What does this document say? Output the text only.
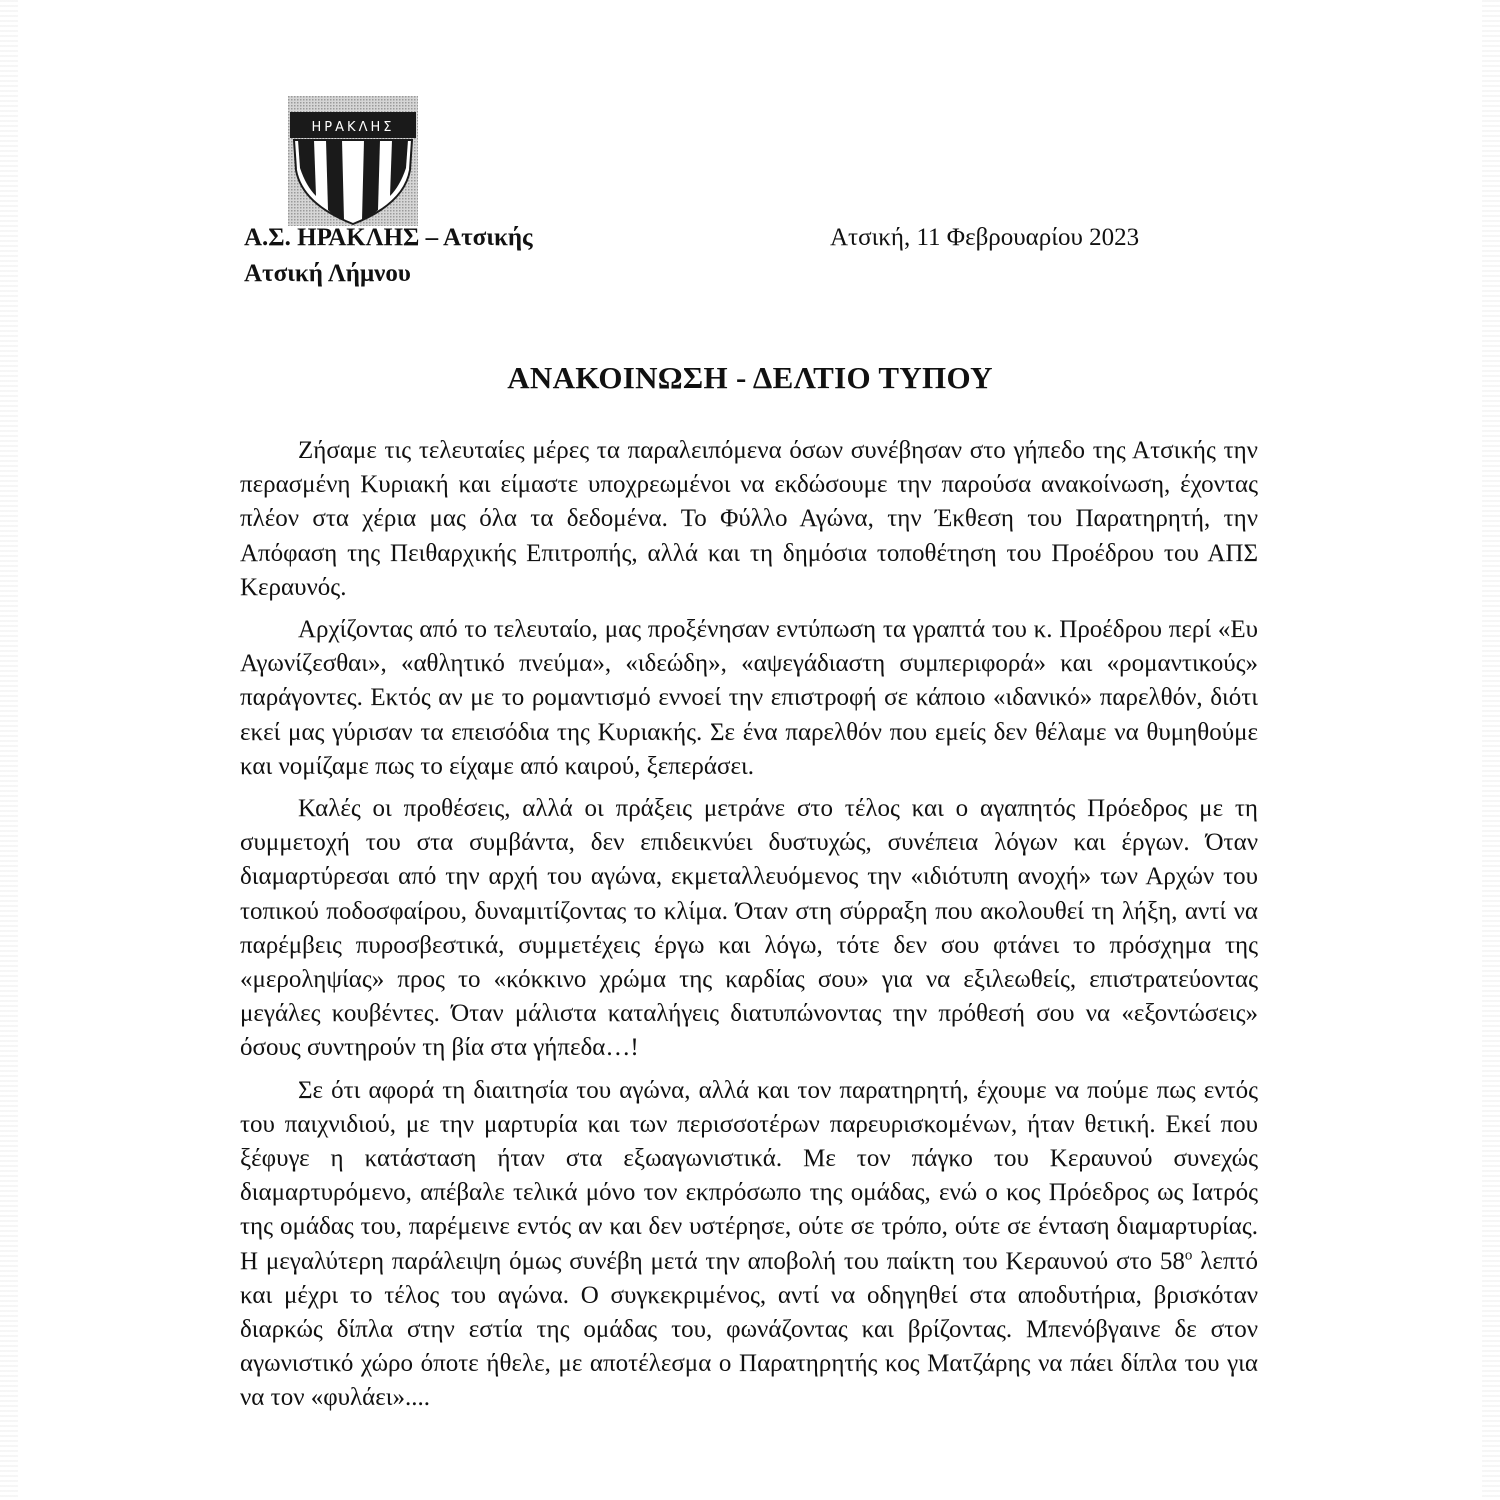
ΗΡΑΚΛΗΣ
Α.Σ. ΗΡΑΚΛΗΣ – Ατσικής
Ατσική Λήμνου
Ατσική, 11 Φεβρουαρίου 2023
ΑΝΑΚΟΙΝΩΣΗ - ΔΕΛΤΙΟ ΤΥΠΟΥ

Ζήσαμε τις τελευταίες μέρες τα παραλειπόμενα όσων συνέβησαν στο γήπεδο της Ατσικής την περασμένη Κυριακή και είμαστε υποχρεωμένοι να εκδώσουμε την παρούσα ανακοίνωση, έχοντας πλέον στα χέρια μας όλα τα δεδομένα. Το Φύλλο Αγώνα, την Έκθεση του Παρατηρητή, την Απόφαση της Πειθαρχικής Επιτροπής, αλλά και τη δημόσια τοποθέτηση του Προέδρου του ΑΠΣ Κεραυνός.

Αρχίζοντας από το τελευταίο, μας προξένησαν εντύπωση τα γραπτά του κ. Προέδρου περί «Ευ Αγωνίζεσθαι», «αθλητικό πνεύμα», «ιδεώδη», «αψεγάδιαστη συμπεριφορά» και «ρομαντικούς» παράγοντες. Εκτός αν με το ρομαντισμό εννοεί την επιστροφή σε κάποιο «ιδανικό» παρελθόν, διότι εκεί μας γύρισαν τα επεισόδια της Κυριακής. Σε ένα παρελθόν που εμείς δεν θέλαμε να θυμηθούμε και νομίζαμε πως το είχαμε από καιρού, ξεπεράσει.

Καλές οι προθέσεις, αλλά οι πράξεις μετράνε στο τέλος και ο αγαπητός Πρόεδρος με τη συμμετοχή του στα συμβάντα, δεν επιδεικνύει δυστυχώς, συνέπεια λόγων και έργων. Όταν διαμαρτύρεσαι από την αρχή του αγώνα, εκμεταλλευόμενος την «ιδιότυπη ανοχή» των Αρχών του τοπικού ποδοσφαίρου, δυναμιτίζοντας το κλίμα. Όταν στη σύρραξη που ακολουθεί τη λήξη, αντί να παρέμβεις πυροσβεστικά, συμμετέχεις έργω και λόγω, τότε δεν σου φτάνει το πρόσχημα της «μεροληψίας» προς το «κόκκινο χρώμα της καρδίας σου» για να εξιλεωθείς, επιστρατεύοντας μεγάλες κουβέντες. Όταν μάλιστα καταλήγεις διατυπώνοντας την πρόθεσή σου να «εξοντώσεις» όσους συντηρούν τη βία στα γήπεδα…!

Σε ότι αφορά τη διαιτησία του αγώνα, αλλά και τον παρατηρητή, έχουμε να πούμε πως εντός του παιχνιδιού, με την μαρτυρία και των περισσοτέρων παρευρισκομένων, ήταν θετική. Εκεί που ξέφυγε η κατάσταση ήταν στα εξωαγωνιστικά. Με τον πάγκο του Κεραυνού συνεχώς διαμαρτυρόμενο, απέβαλε τελικά μόνο τον εκπρόσωπο της ομάδας, ενώ ο κος Πρόεδρος ως Ιατρός της ομάδας του, παρέμεινε εντός αν και δεν υστέρησε, ούτε σε τρόπο, ούτε σε ένταση διαμαρτυρίας. Η μεγαλύτερη παράλειψη όμως συνέβη μετά την αποβολή του παίκτη του Κεραυνού στο $58^o$ λεπτό και μέχρι το τέλος του αγώνα. Ο συγκεκριμένος, αντί να οδηγηθεί στα αποδυτήρια, βρισκόταν διαρκώς δίπλα στην εστία της ομάδας του, φωνάζοντας και βρίζοντας. Μπενόβγαινε δε στον αγωνιστικό χώρο όποτε ήθελε, με αποτέλεσμα ο Παρατηρητής κος Ματζάρης να πάει δίπλα του για να τον «φυλάει»....
